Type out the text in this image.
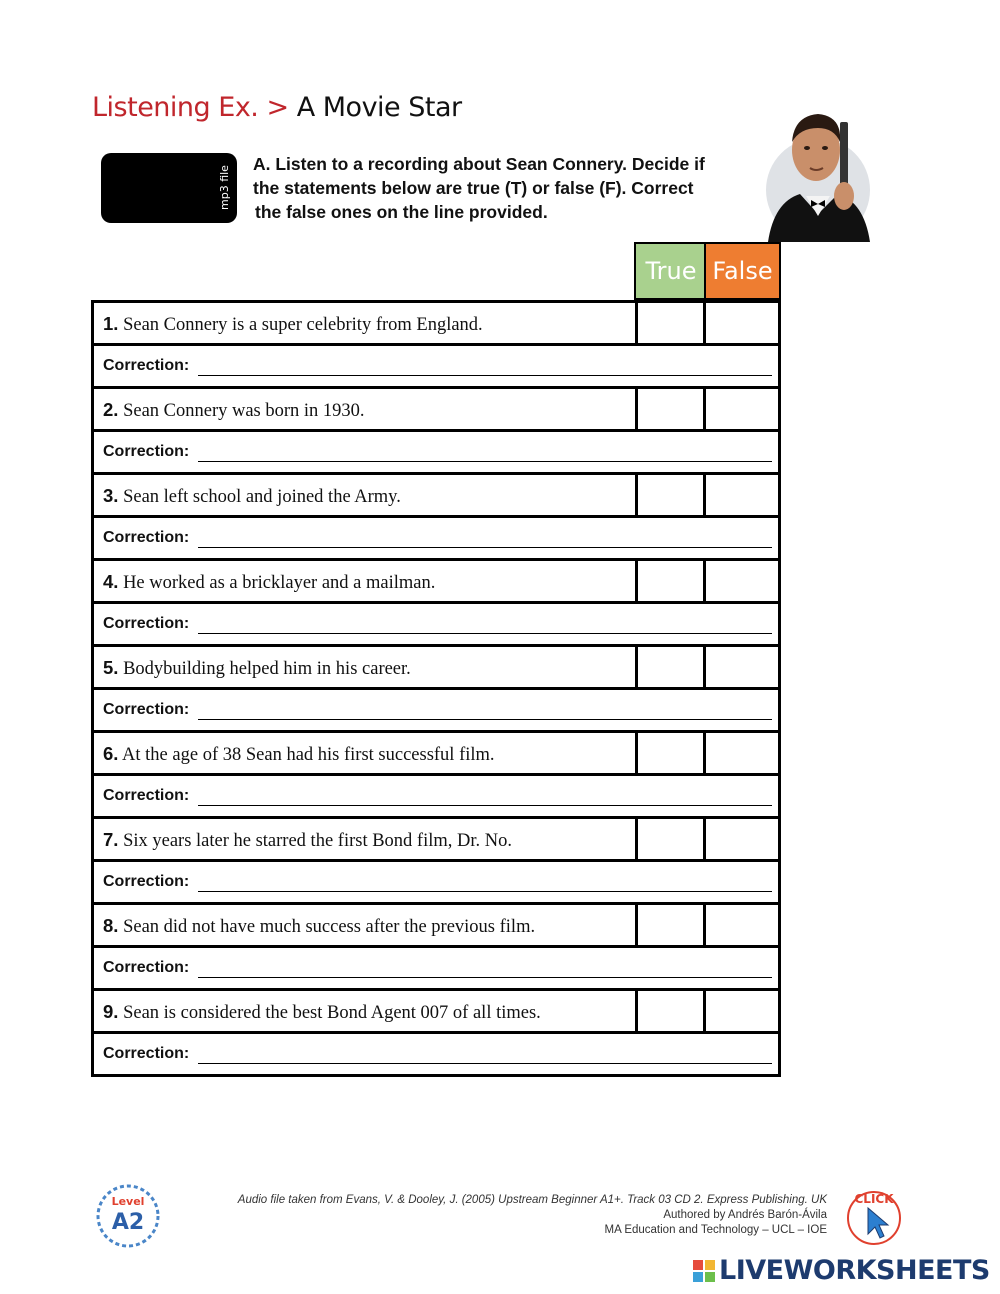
Listening Ex. > A Movie Star
mp3 file
A. Listen to a recording about Sean Connery. Decide if
the statements below are true (T) or false (F). Correct
the false ones on the line provided.
True False
1. Sean Connery is a super celebrity from England.
Correction:
2. Sean Connery was born in 1930.
Correction:
3. Sean left school and joined the Army.
Correction:
4. He worked as a bricklayer and a mailman.
Correction:
5. Bodybuilding helped him in his career.
Correction:
6. At the age of 38 Sean had his first successful film.
Correction:
7. Six years later he starred the first Bond film, Dr. No.
Correction:
8. Sean did not have much success after the previous film.
Correction:
9. Sean is considered the best Bond Agent 007 of all times.
Correction:
Level
A2
Audio file taken from Evans, V. & Dooley, J. (2005) Upstream Beginner A1+. Track 03 CD 2. Express Publishing. UK
Authored by Andrés Barón-Ávila
MA Education and Technology – UCL – IOE
CLICK
LIVEWORKSHEETS
